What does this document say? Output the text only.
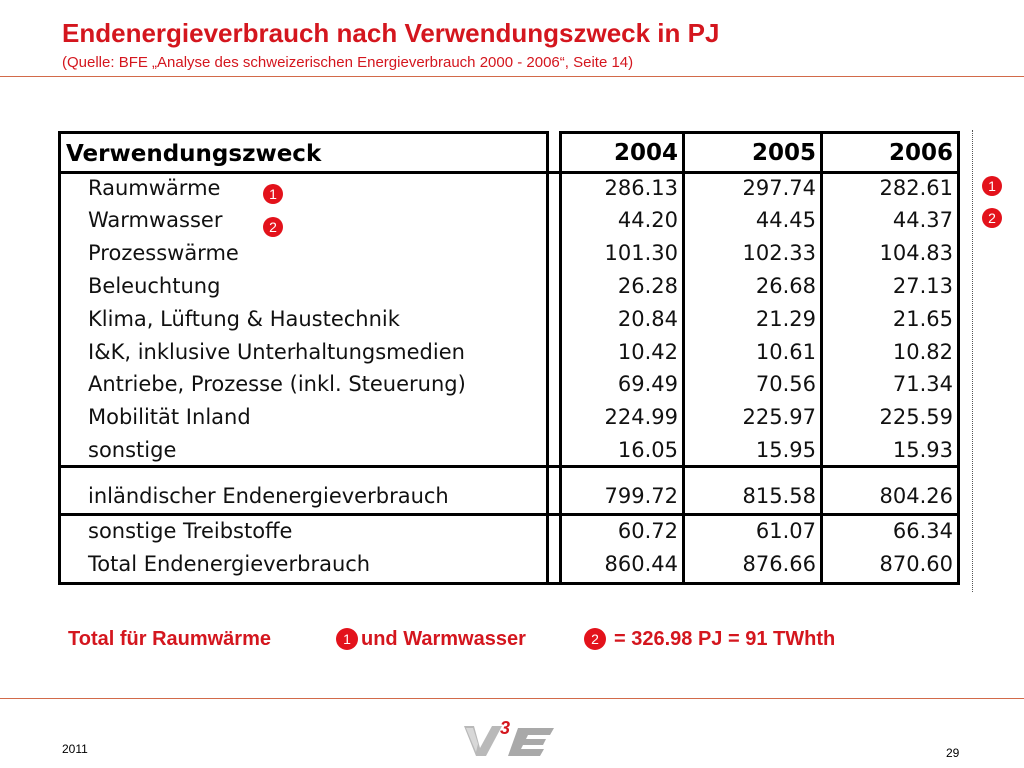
Endenergieverbrauch nach Verwendungszweck in PJ
(Quelle: BFE „Analyse des schweizerischen Energieverbrauch 2000 - 2006“, Seite 14)
Verwendungszweck	2004	2005	2006
1
2
Raumwärme	286.13	297.74	282.61
Warmwasser	44.20	44.45	44.37
Prozesswärme	101.30	102.33	104.83
Beleuchtung	26.28	26.68	27.13
Klima, Lüftung & Haustechnik	20.84	21.29	21.65
I&K, inklusive Unterhaltungsmedien	10.42	10.61	10.82
Antriebe, Prozesse (inkl. Steuerung)	69.49	70.56	71.34
Mobilität Inland	224.99	225.97	225.59
sonstige	16.05	15.95	15.93
inländischer Endenergieverbrauch	799.72	815.58	804.26
sonstige Treibstoffe	60.72	61.07	66.34
Total Endenergieverbrauch	860.44	876.66	870.60
1
2
Total für Raumwärme	1 und Warmwasser	2 = 326.98 PJ = 91 TWhth
2011	29
3
